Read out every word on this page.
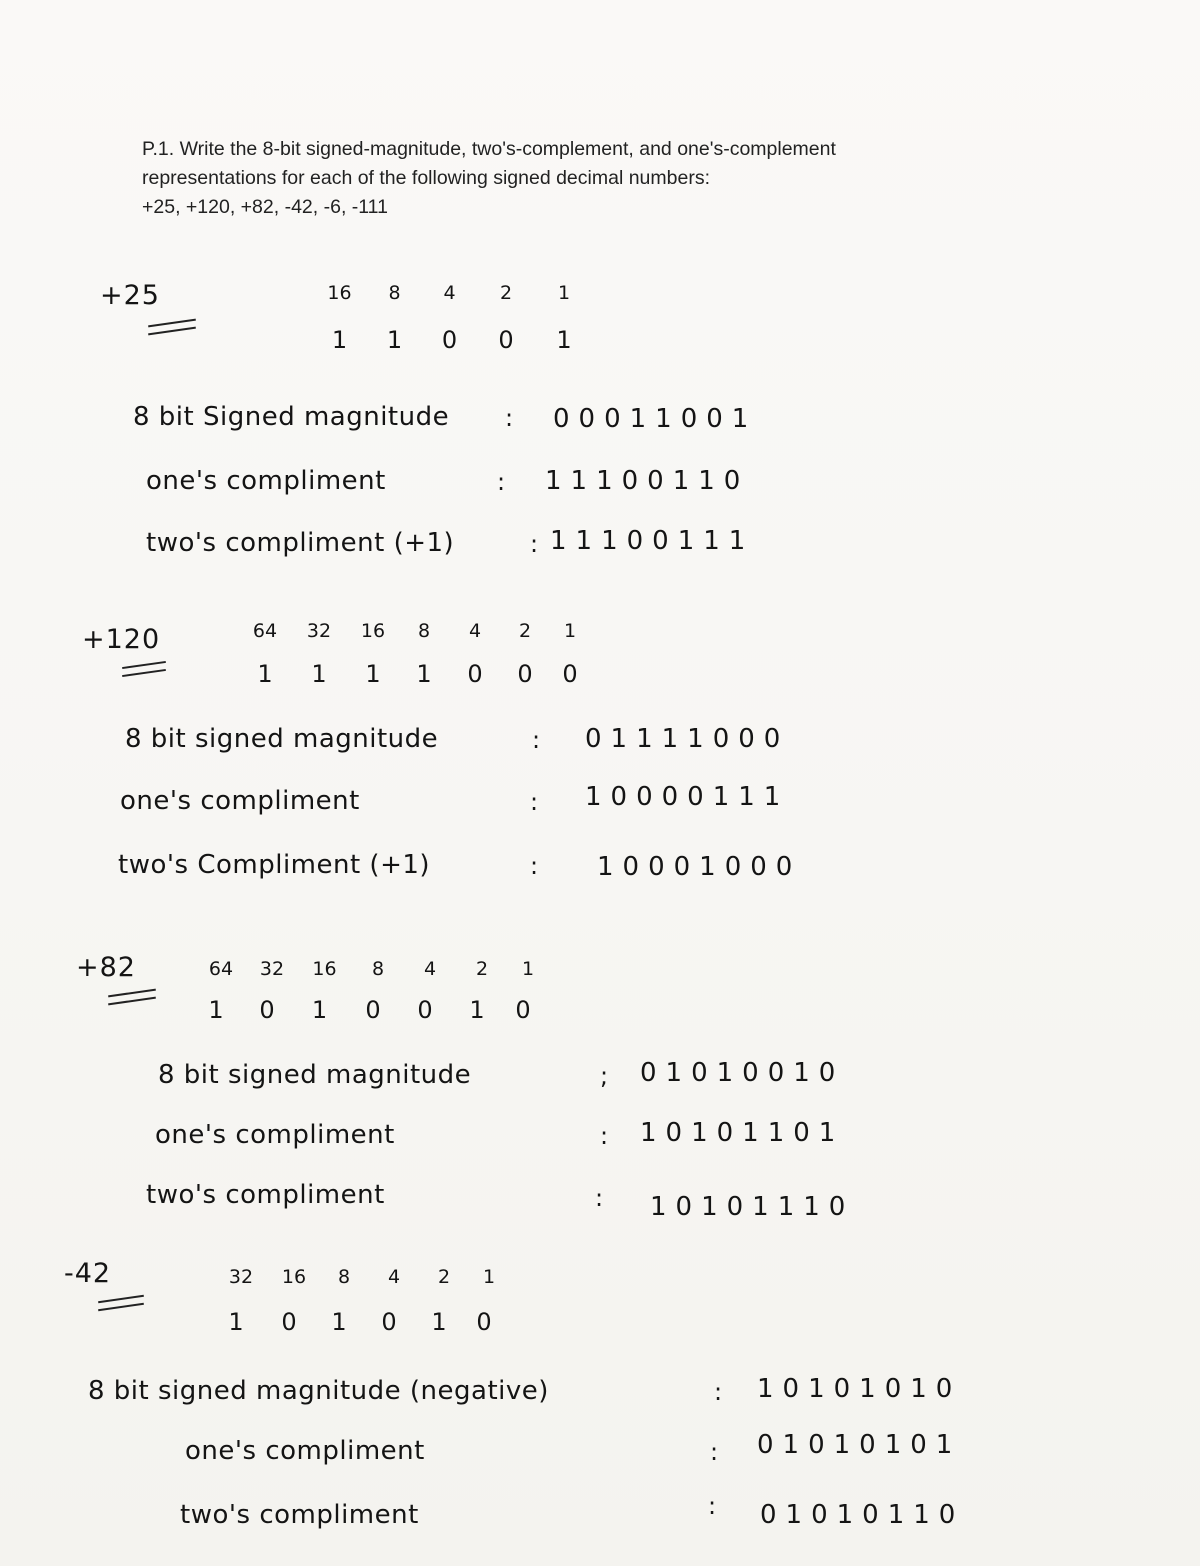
P.1. Write the 8-bit signed-magnitude, two's-complement, and one's-complement
representations for each of the following signed decimal numbers:
+25, +120, +82, -42, -6, -111
+25	16 8 4 2 1
1 1 0 0 1
8 bit Signed magnitude : 00011001
one's compliment	: 11100110
two's compliment (+1)	: 11100111
+120	64 32 16 8 4 2 1
1 1 1 1 0 0 0
8 bit signed magnitude	: 01111000
one's compliment	: 10000111
two's Compliment (+1)	: 10001000
+82	64 32 16 8 4 2 1
1 0 1 0 0 1 0
8 bit signed magnitude	; 01010010
one's compliment	: 10101101
two's compliment	: 10101110
-42	32 16 8 4 2 1
1 0 1 0 1 0
8 bit signed magnitude (negative)	: 10101010
one's compliment	: 01010101
two's compliment	: 01010110
